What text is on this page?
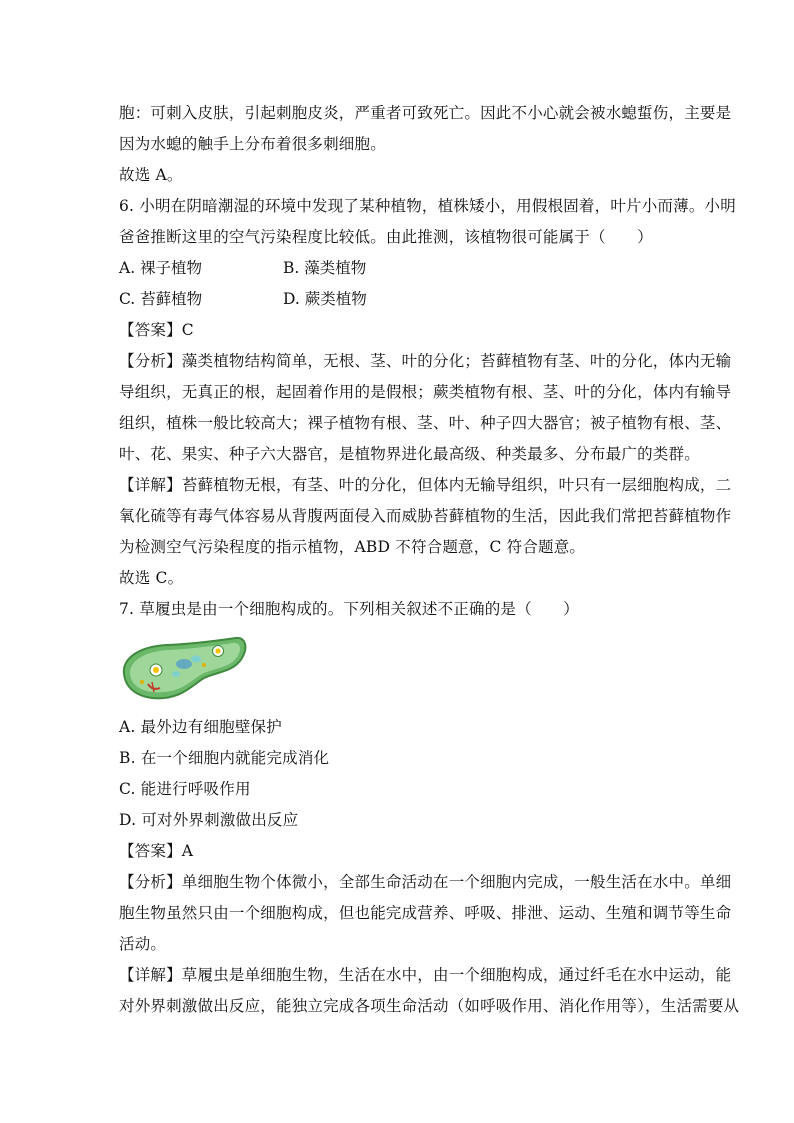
胞：可刺入皮肤，引起刺胞皮炎，严重者可致死亡。因此不小心就会被水螅蜇伤，主要是
因为水螅的触手上分布着很多刺细胞。
故选 A。
6. 小明在阴暗潮湿的环境中发现了某种植物，植株矮小，用假根固着，叶片小而薄。小明
爸爸推断这里的空气污染程度比较低。由此推测，该植物很可能属于（　　）
A. 裸子植物	B. 藻类植物
C. 苔藓植物	D. 蕨类植物
【答案】C
【分析】藻类植物结构简单，无根、茎、叶的分化；苔藓植物有茎、叶的分化，体内无输
导组织，无真正的根，起固着作用的是假根；蕨类植物有根、茎、叶的分化，体内有输导
组织，植株一般比较高大；裸子植物有根、茎、叶、种子四大器官；被子植物有根、茎、
叶、花、果实、种子六大器官，是植物界进化最高级、种类最多、分布最广的类群。
【详解】苔藓植物无根，有茎、叶的分化，但体内无输导组织，叶只有一层细胞构成，二
氧化硫等有毒气体容易从背腹两面侵入而威胁苔藓植物的生活，因此我们常把苔藓植物作
为检测空气污染程度的指示植物，ABD 不符合题意，C 符合题意。
故选 C。
7. 草履虫是由一个细胞构成的。下列相关叙述不正确的是（　　）
A. 最外边有细胞壁保护
B. 在一个细胞内就能完成消化
C. 能进行呼吸作用
D. 可对外界刺激做出反应
【答案】A
【分析】单细胞生物个体微小，全部生命活动在一个细胞内完成，一般生活在水中。单细
胞生物虽然只由一个细胞构成，但也能完成营养、呼吸、排泄、运动、生殖和调节等生命
活动。
【详解】草履虫是单细胞生物，生活在水中，由一个细胞构成，通过纤毛在水中运动，能
对外界刺激做出反应，能独立完成各项生命活动（如呼吸作用、消化作用等），生活需要从
